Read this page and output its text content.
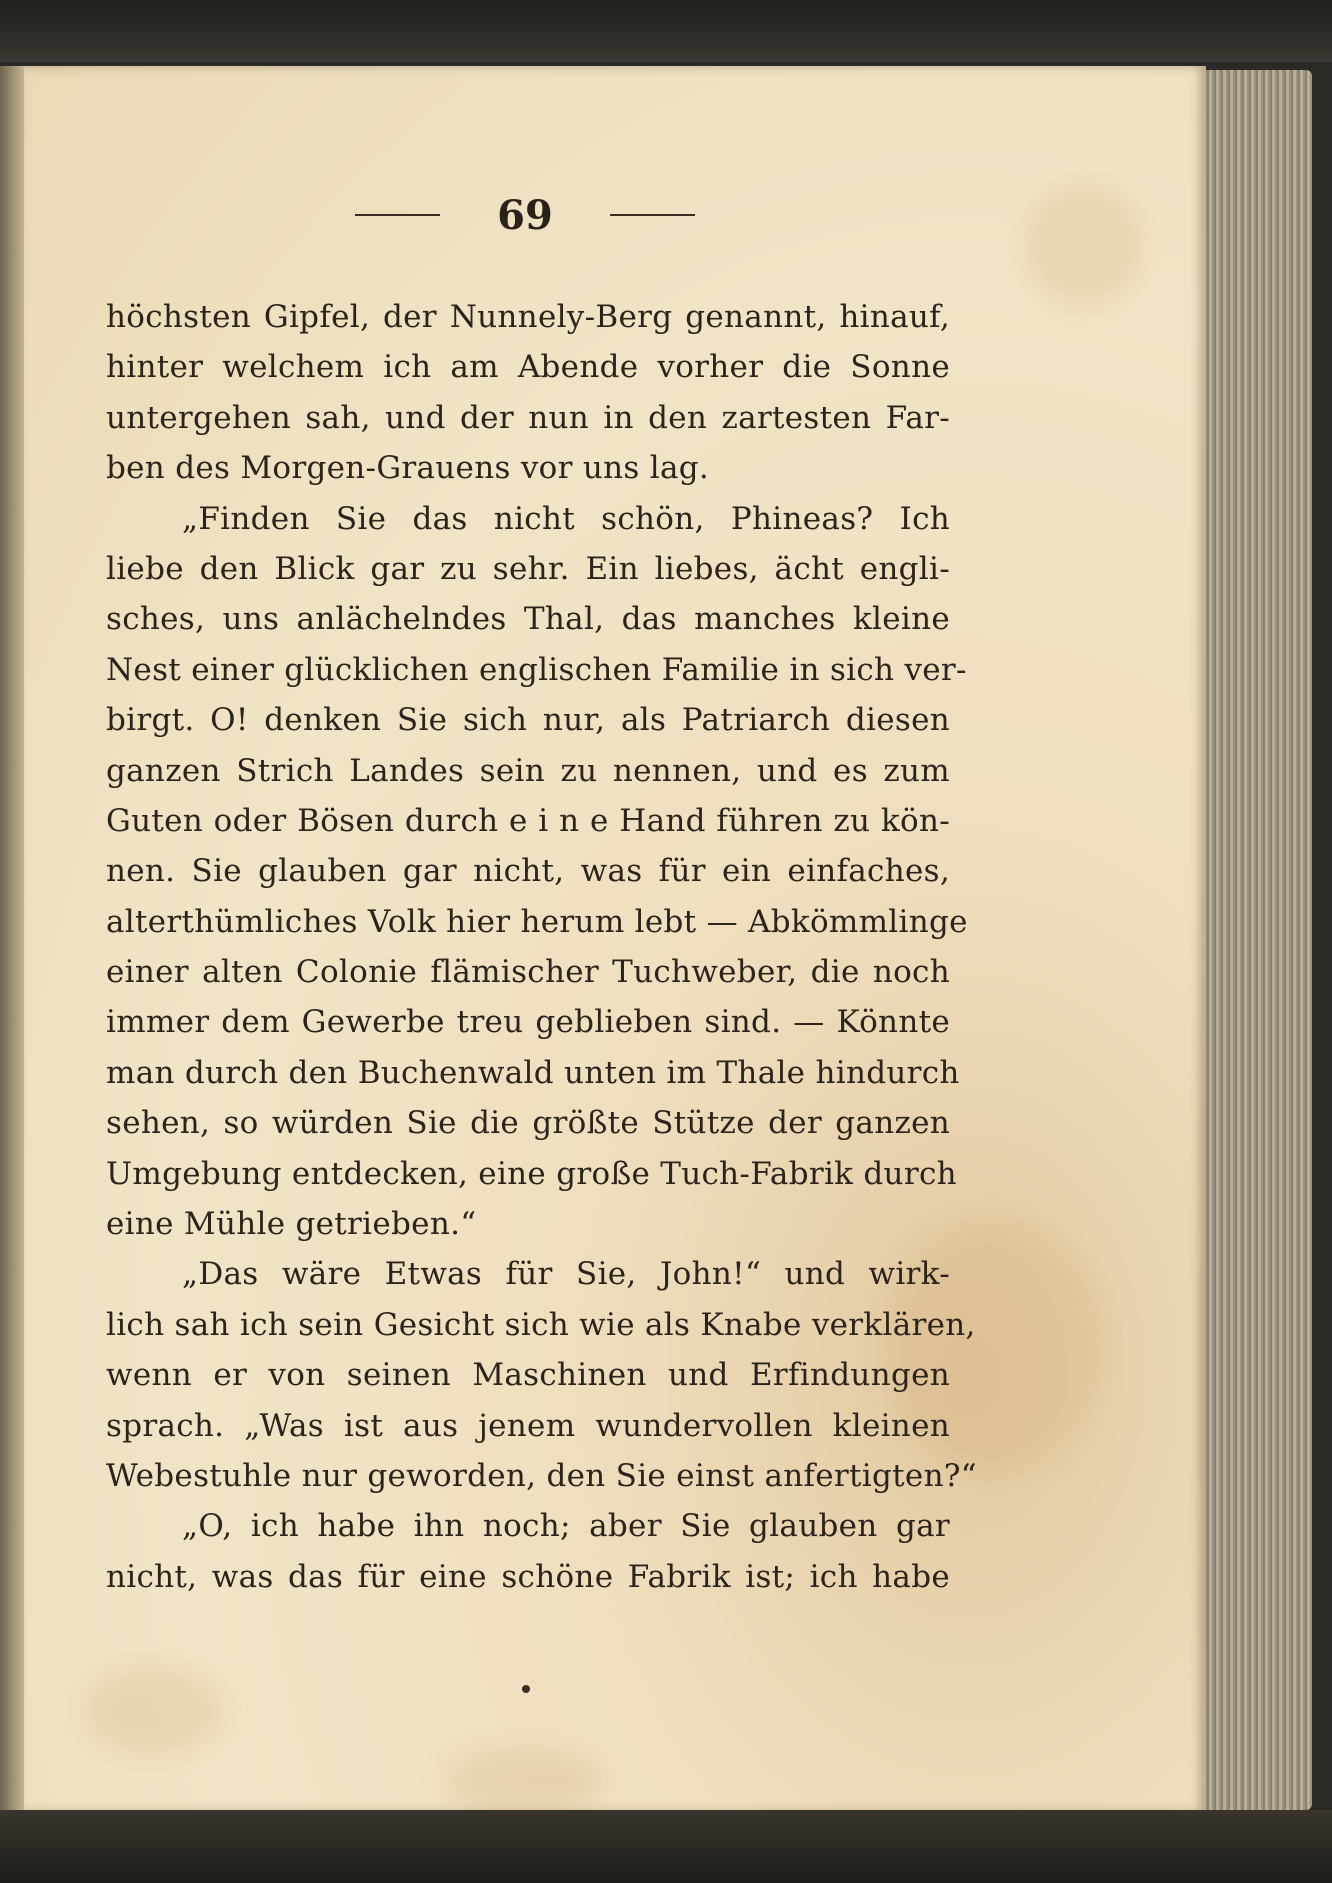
69
höchsten Gipfel, der Nunnely-Berg genannt, hinauf,
hinter welchem ich am Abende vorher die Sonne
untergehen sah, und der nun in den zartesten Far-
ben des Morgen-Grauens vor uns lag.
„Finden Sie das nicht schön, Phineas? Ich
liebe den Blick gar zu sehr. Ein liebes, ächt engli-
sches, uns anlächelndes Thal, das manches kleine
Nest einer glücklichen englischen Familie in sich ver-
birgt. O! denken Sie sich nur, als Patriarch diesen
ganzen Strich Landes sein zu nennen, und es zum
Guten oder Bösen durch e i n e Hand führen zu kön-
nen. Sie glauben gar nicht, was für ein einfaches,
alterthümliches Volk hier herum lebt — Abkömmlinge
einer alten Colonie flämischer Tuchweber, die noch
immer dem Gewerbe treu geblieben sind. — Könnte
man durch den Buchenwald unten im Thale hindurch
sehen, so würden Sie die größte Stütze der ganzen
Umgebung entdecken, eine große Tuch-Fabrik durch
eine Mühle getrieben.“
„Das wäre Etwas für Sie, John!“ und wirk-
lich sah ich sein Gesicht sich wie als Knabe verklären,
wenn er von seinen Maschinen und Erfindungen
sprach. „Was ist aus jenem wundervollen kleinen
Webestuhle nur geworden, den Sie einst anfertigten?“
„O, ich habe ihn noch; aber Sie glauben gar
nicht, was das für eine schöne Fabrik ist; ich habe
